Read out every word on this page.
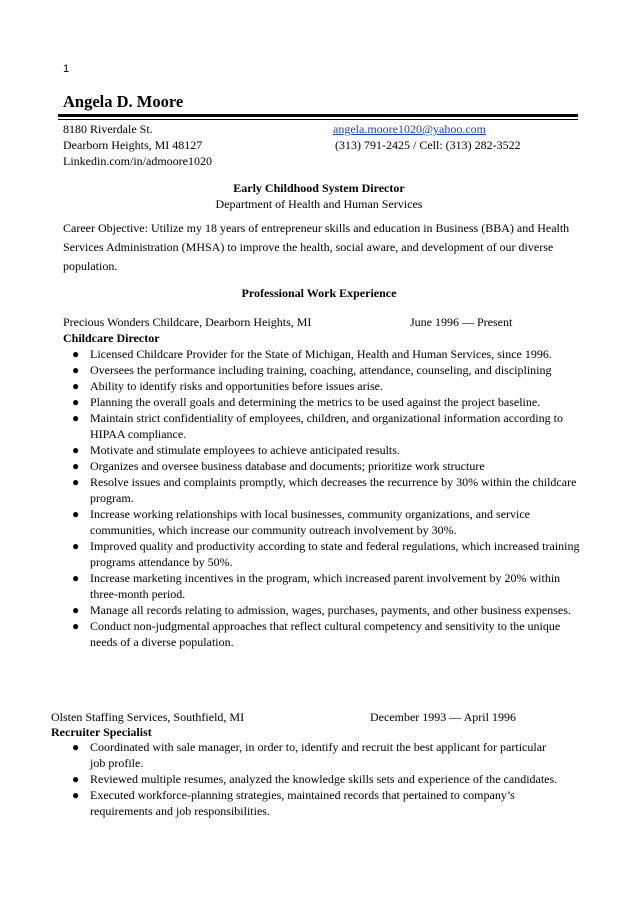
1
Angela D. Moore
8180 Riverdale St.
Dearborn Heights, MI 48127
Linkedin.com/in/admoore1020
angela.moore1020@yahoo.com
(313) 791-2425 / Cell: (313) 282-3522
Early Childhood System Director
Department of Health and Human Services
Career Objective: Utilize my 18 years of entrepreneur skills and education in Business (BBA) and Health Services Administration (MHSA) to improve the health, social aware, and development of our diverse population.
Professional Work Experience
Precious Wonders Childcare, Dearborn Heights, MI	June 1996 ― Present
Childcare Director
● Licensed Childcare Provider for the State of Michigan, Health and Human Services, since 1996.
● Oversees the performance including training, coaching, attendance, counseling, and disciplining
● Ability to identify risks and opportunities before issues arise.
● Planning the overall goals and determining the metrics to be used against the project baseline.
● Maintain strict confidentiality of employees, children, and organizational information according to HIPAA compliance.
● Motivate and stimulate employees to achieve anticipated results.
● Organizes and oversee business database and documents; prioritize work structure
● Resolve issues and complaints promptly, which decreases the recurrence by 30% within the childcare program.
● Increase working relationships with local businesses, community organizations, and service communities, which increase our community outreach involvement by 30%.
● Improved quality and productivity according to state and federal regulations, which increased training programs attendance by 50%.
● Increase marketing incentives in the program, which increased parent involvement by 20% within three-month period.
● Manage all records relating to admission, wages, purchases, payments, and other business expenses.
● Conduct non-judgmental approaches that reflect cultural competency and sensitivity to the unique needs of a diverse population.
Olsten Staffing Services, Southfield, MI	December 1993 ― April 1996
Recruiter Specialist
● Coordinated with sale manager, in order to, identify and recruit the best applicant for particular job profile.
● Reviewed multiple resumes, analyzed the knowledge skills sets and experience of the candidates.
● Executed workforce-planning strategies, maintained records that pertained to company’s requirements and job responsibilities.
